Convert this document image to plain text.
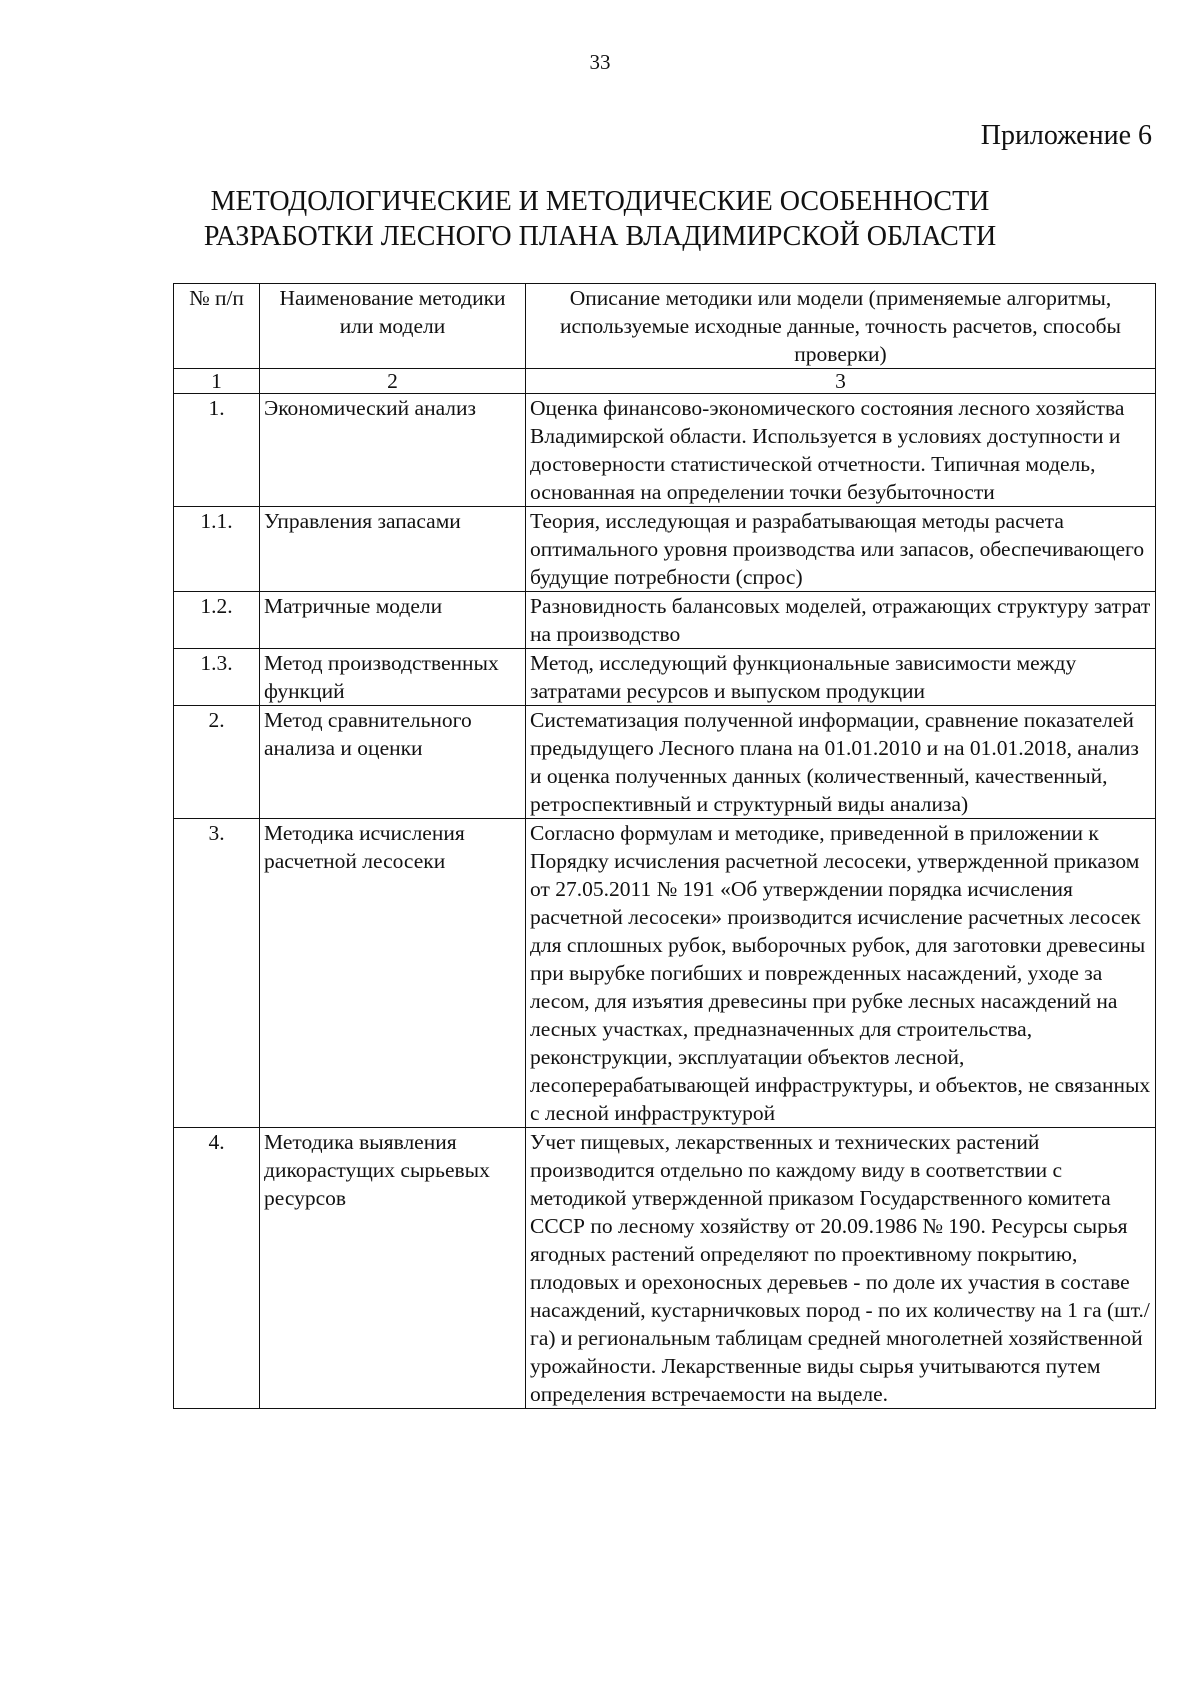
33
Приложение 6
МЕТОДОЛОГИЧЕСКИЕ И МЕТОДИЧЕСКИЕ ОСОБЕННОСТИ
РАЗРАБОТКИ ЛЕСНОГО ПЛАНА ВЛАДИМИРСКОЙ ОБЛАСТИ
№ п/п	Наименование методики или модели	Описание методики или модели (применяемые алгоритмы, используемые исходные данные, точность расчетов, способы проверки)
1	2	3
1.	Экономический анализ	Оценка финансово-экономического состояния лесного хозяйства Владимирской области. Используется в условиях доступности и достоверности статистической отчетности. Типичная модель, основанная на определении точки безубыточности
1.1.	Управления запасами	Теория, исследующая и разрабатывающая методы расчета оптимального уровня производства или запасов, обеспечивающего будущие потребности (спрос)
1.2.	Матричные модели	Разновидность балансовых моделей, отражающих структуру затрат на производство
1.3.	Метод производственных функций	Метод, исследующий функциональные зависимости между затратами ресурсов и выпуском продукции
2.	Метод сравнительного анализа и оценки	Систематизация полученной информации, сравнение показателей предыдущего Лесного плана на 01.01.2010 и на 01.01.2018, анализ и оценка полученных данных (количественный, качественный, ретроспективный и структурный виды анализа)
3.	Методика исчисления расчетной лесосеки	Согласно формулам и методике, приведенной в приложении к Порядку исчисления расчетной лесосеки, утвержденной приказом от 27.05.2011 № 191 «Об утверждении порядка исчисления расчетной лесосеки» производится исчисление расчетных лесосек для сплошных рубок, выборочных рубок, для заготовки древесины при вырубке погибших и поврежденных насаждений, уходе за лесом, для изъятия древесины при рубке лесных насаждений на лесных участках, предназначенных для строительства, реконструкции, эксплуатации объектов лесной, лесоперерабатывающей инфраструктуры, и объектов, не связанных с лесной инфраструктурой
4.	Методика выявления дикорастущих сырьевых ресурсов	Учет пищевых, лекарственных и технических растений производится отдельно по каждому виду в соответствии с методикой утвержденной приказом Государственного комитета СССР по лесному хозяйству от 20.09.1986 № 190. Ресурсы сырья ягодных растений определяют по проективному покрытию, плодовых и орехоносных деревьев - по доле их участия в составе насаждений, кустарничковых пород - по их количеству на 1 га (шт./га) и региональным таблицам средней многолетней хозяйственной урожайности. Лекарственные виды сырья учитываются путем определения встречаемости на выделе.
